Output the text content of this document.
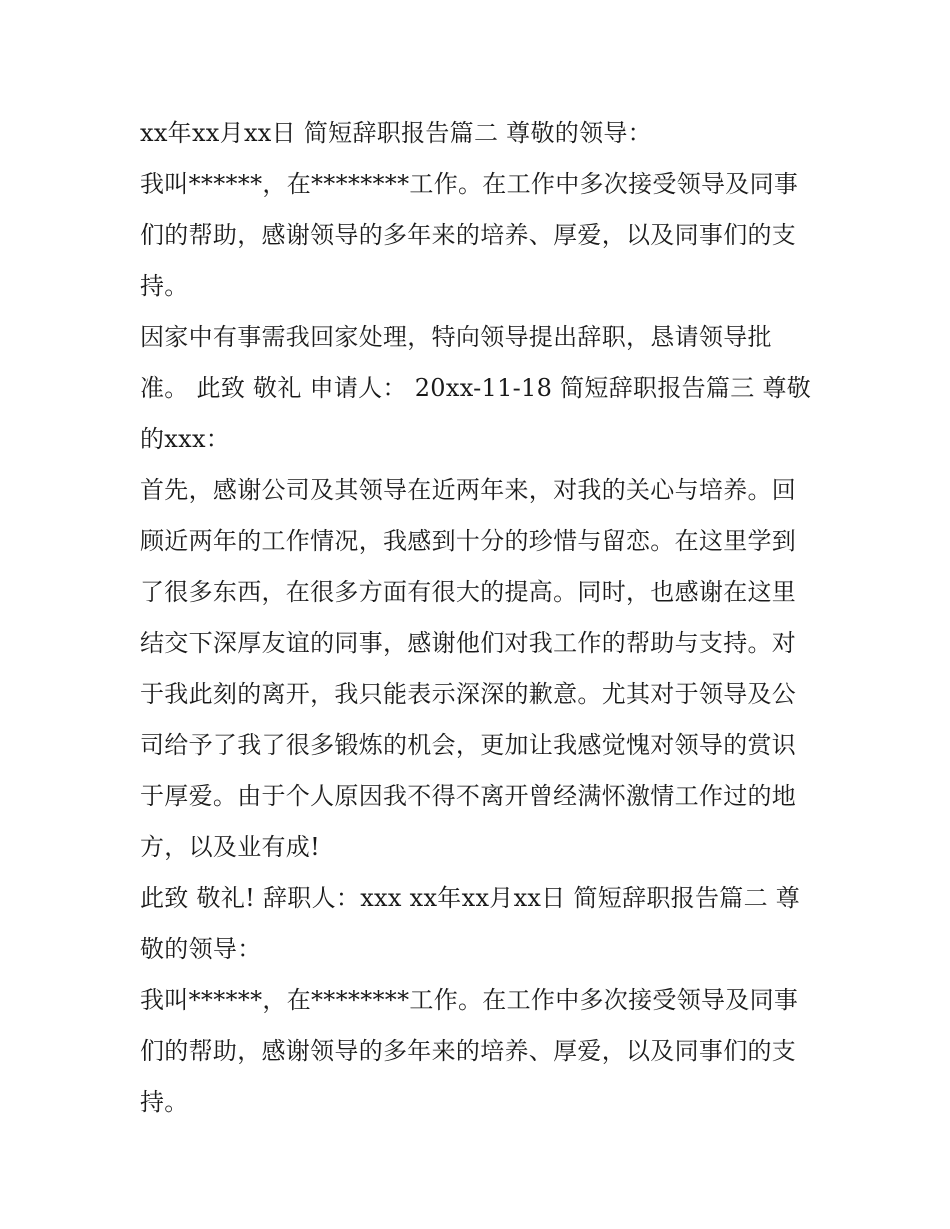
xx年xx月xx日 简短辞职报告篇二 尊敬的领导：

我叫******，在********工作。在工作中多次接受领导及同事们的帮助，感谢领导的多年来的培养、厚爱，以及同事们的支持。

因家中有事需我回家处理，特向领导提出辞职，恳请领导批准。 此致 敬礼 申请人： 20xx-11-18 简短辞职报告篇三 尊敬的xxx：

首先，感谢公司及其领导在近两年来，对我的关心与培养。回顾近两年的工作情况，我感到十分的珍惜与留恋。在这里学到了很多东西，在很多方面有很大的提高。同时，也感谢在这里结交下深厚友谊的同事，感谢他们对我工作的帮助与支持。对于我此刻的离开，我只能表示深深的歉意。尤其对于领导及公司给予了我了很多锻炼的机会，更加让我感觉愧对领导的赏识于厚爱。由于个人原因我不得不离开曾经满怀激情工作过的地方，以及业有成!

此致 敬礼! 辞职人：xxx xx年xx月xx日 简短辞职报告篇二 尊敬的领导：

我叫******，在********工作。在工作中多次接受领导及同事们的帮助，感谢领导的多年来的培养、厚爱，以及同事们的支持。
